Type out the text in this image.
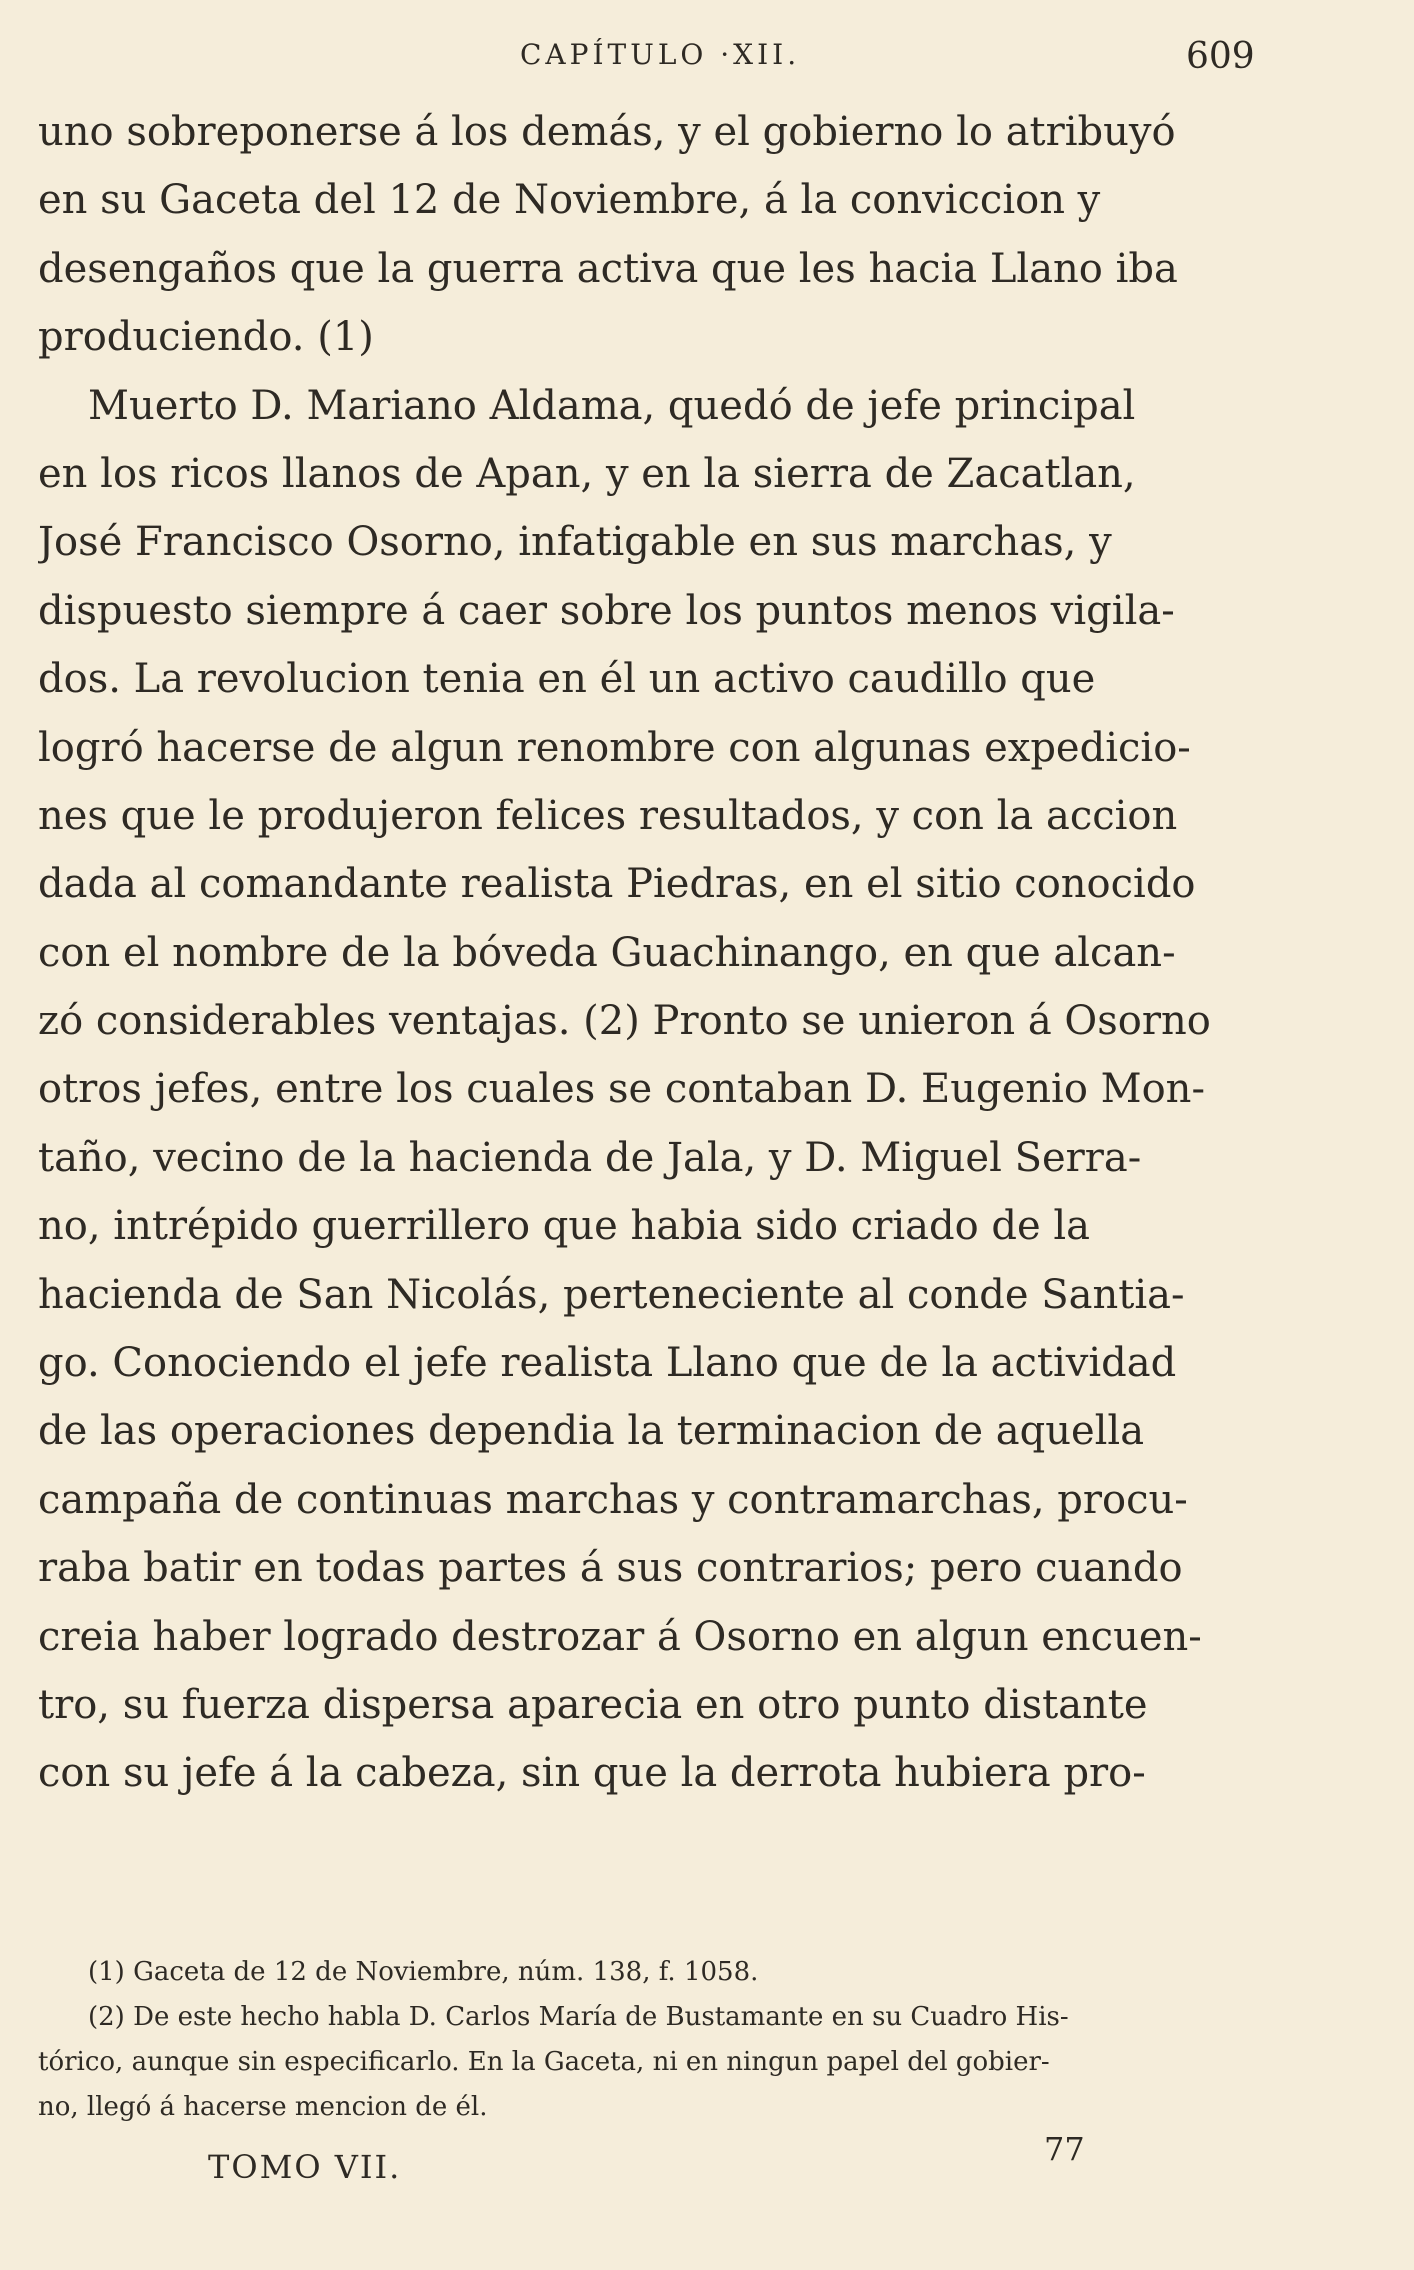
CAPÍTULO ·XII.	609
uno sobreponerse á los demás, y el gobierno lo atribuyó
en su Gaceta del 12 de Noviembre, á la conviccion y
desengaños que la guerra activa que les hacia Llano iba
produciendo. (1)
Muerto D. Mariano Aldama, quedó de jefe principal
en los ricos llanos de Apan, y en la sierra de Zacatlan,
José Francisco Osorno, infatigable en sus marchas, y
dispuesto siempre á caer sobre los puntos menos vigila-
dos. La revolucion tenia en él un activo caudillo que
logró hacerse de algun renombre con algunas expedicio-
nes que le produjeron felices resultados, y con la accion
dada al comandante realista Piedras, en el sitio conocido
con el nombre de la bóveda Guachinango, en que alcan-
zó considerables ventajas. (2) Pronto se unieron á Osorno
otros jefes, entre los cuales se contaban D. Eugenio Mon-
taño, vecino de la hacienda de Jala, y D. Miguel Serra-
no, intrépido guerrillero que habia sido criado de la
hacienda de San Nicolás, perteneciente al conde Santia-
go. Conociendo el jefe realista Llano que de la actividad
de las operaciones dependia la terminacion de aquella
campaña de continuas marchas y contramarchas, procu-
raba batir en todas partes á sus contrarios; pero cuando
creia haber logrado destrozar á Osorno en algun encuen-
tro, su fuerza dispersa aparecia en otro punto distante
con su jefe á la cabeza, sin que la derrota hubiera pro-
(1) Gaceta de 12 de Noviembre, núm. 138, f. 1058.
(2) De este hecho habla D. Carlos María de Bustamante en su Cuadro His-
tórico, aunque sin especificarlo. En la Gaceta, ni en ningun papel del gobier-
no, llegó á hacerse mencion de él.
TOMO VII.	77
